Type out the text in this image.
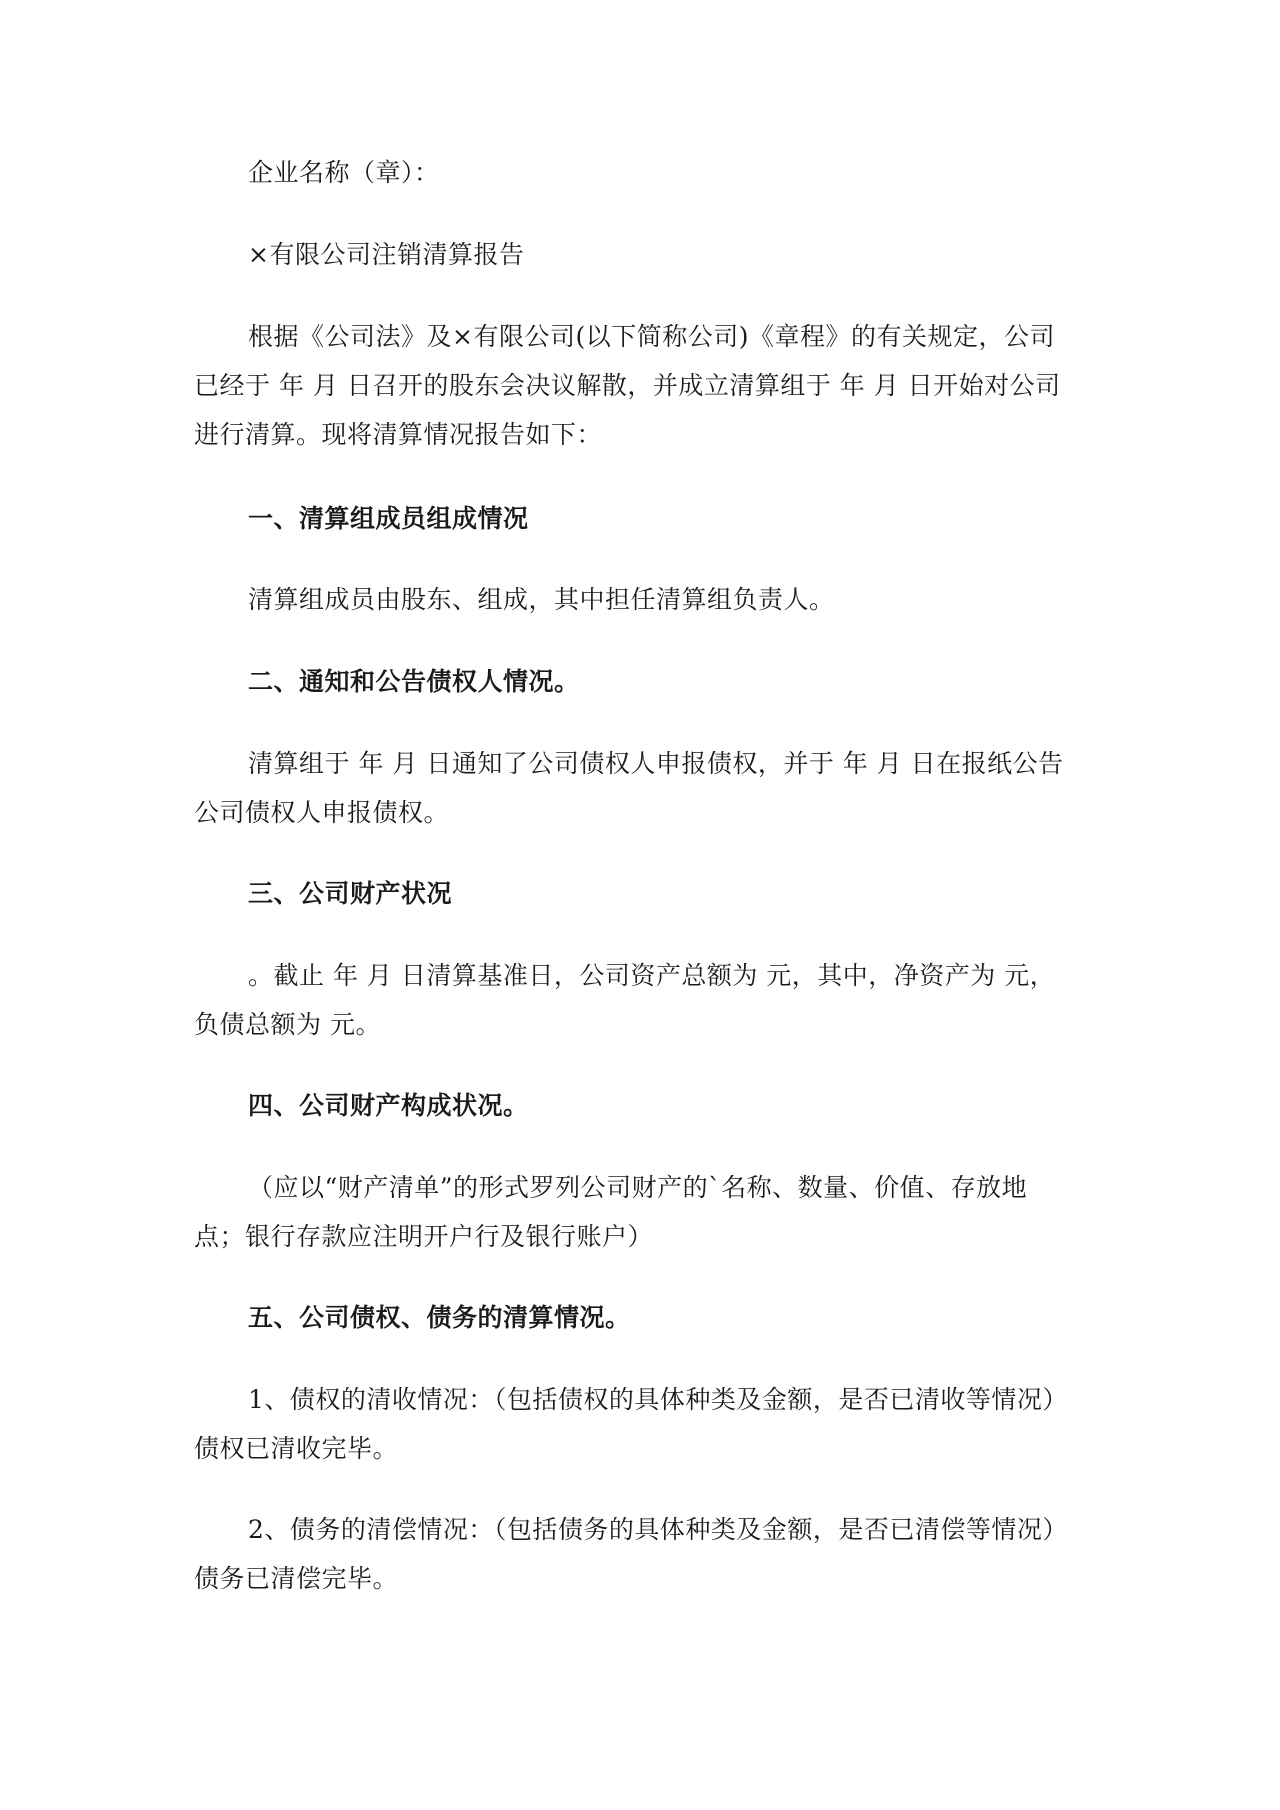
企业名称（章）：
×有限公司注销清算报告

根据《公司法》及×有限公司(以下简称公司)《章程》的有关规定，公司已经于 年 月 日召开的股东会决议解散，并成立清算组于 年 月 日开始对公司进行清算。现将清算情况报告如下：

一、清算组成员组成情况

清算组成员由股东、组成，其中担任清算组负责人。

二、通知和公告债权人情况。

清算组于 年 月 日通知了公司债权人申报债权，并于 年 月 日在报纸公告公司债权人申报债权。

三、公司财产状况

。截止 年 月 日清算基准日，公司资产总额为 元，其中，净资产为 元，负债总额为 元。

四、公司财产构成状况。

（应以“财产清单”的形式罗列公司财产的`名称、数量、价值、存放地点；银行存款应注明开户行及银行账户）

五、公司债权、债务的清算情况。

1、债权的清收情况：（包括债权的具体种类及金额，是否已清收等情况）债权已清收完毕。

2、债务的清偿情况：（包括债务的具体种类及金额，是否已清偿等情况）债务已清偿完毕。
